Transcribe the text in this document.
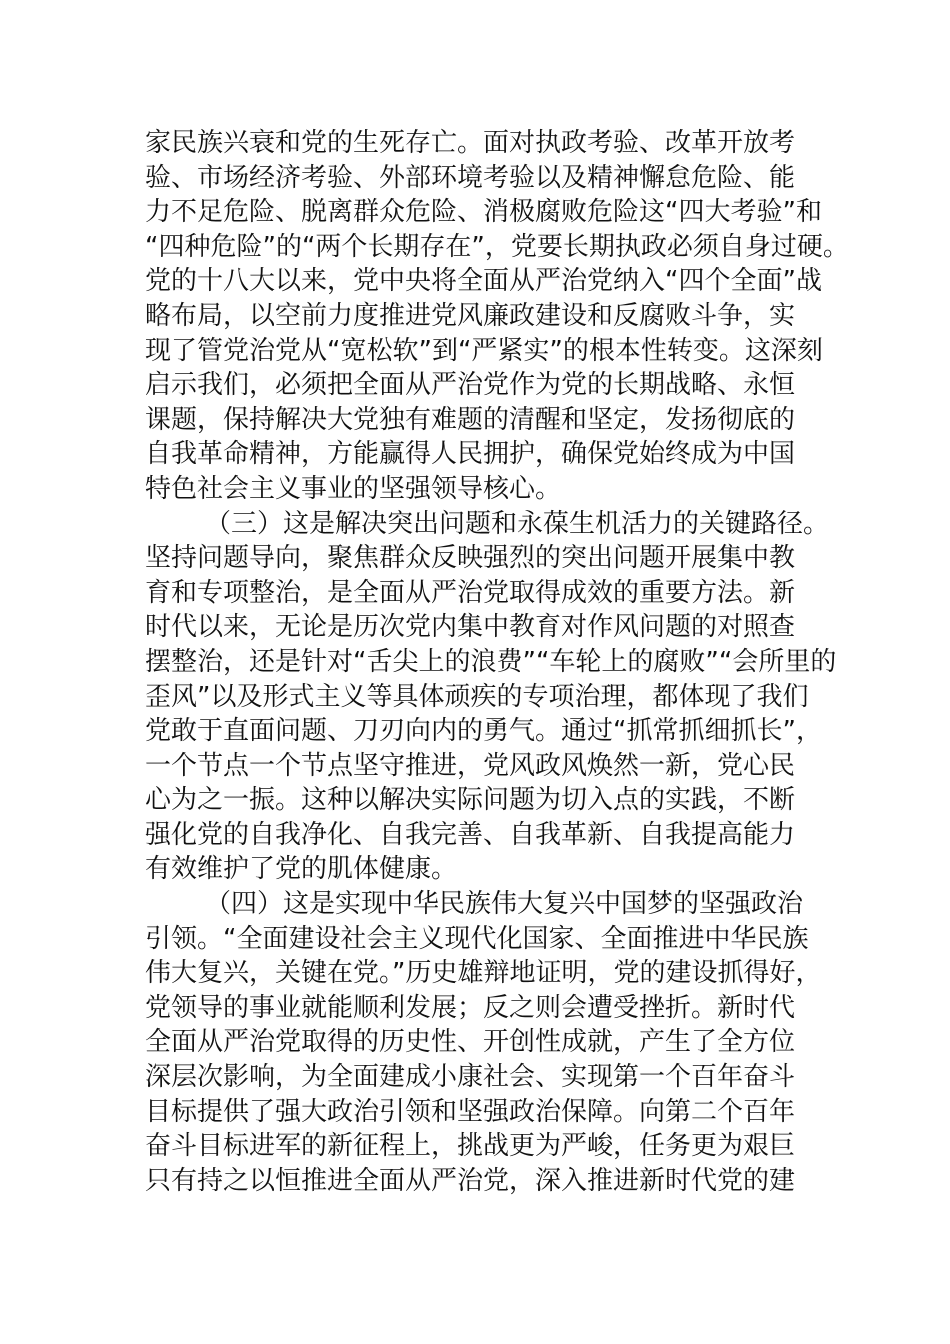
家民族兴衰和党的生死存亡。面对执政考验、改革开放考
验、市场经济考验、外部环境考验以及精神懈怠危险、能
力不足危险、脱离群众危险、消极腐败危险这“四大考验”和
“四种危险”的“两个长期存在”，党要长期执政必须自身过硬。
党的十八大以来，党中央将全面从严治党纳入“四个全面”战
略布局，以空前力度推进党风廉政建设和反腐败斗争，实
现了管党治党从“宽松软”到“严紧实”的根本性转变。这深刻
启示我们，必须把全面从严治党作为党的长期战略、永恒
课题，保持解决大党独有难题的清醒和坚定，发扬彻底的
自我革命精神，方能赢得人民拥护，确保党始终成为中国
特色社会主义事业的坚强领导核心。
（三）这是解决突出问题和永葆生机活力的关键路径。
坚持问题导向，聚焦群众反映强烈的突出问题开展集中教
育和专项整治，是全面从严治党取得成效的重要方法。新
时代以来，无论是历次党内集中教育对作风问题的对照查
摆整治，还是针对“舌尖上的浪费”“车轮上的腐败”“会所里的
歪风”以及形式主义等具体顽疾的专项治理，都体现了我们
党敢于直面问题、刀刃向内的勇气。通过“抓常抓细抓长”，
一个节点一个节点坚守推进，党风政风焕然一新，党心民
心为之一振。这种以解决实际问题为切入点的实践，不断
强化党的自我净化、自我完善、自我革新、自我提高能力
有效维护了党的肌体健康。
（四）这是实现中华民族伟大复兴中国梦的坚强政治
引领。“全面建设社会主义现代化国家、全面推进中华民族
伟大复兴，关键在党。”历史雄辩地证明，党的建设抓得好，
党领导的事业就能顺利发展；反之则会遭受挫折。新时代
全面从严治党取得的历史性、开创性成就，产生了全方位
深层次影响，为全面建成小康社会、实现第一个百年奋斗
目标提供了强大政治引领和坚强政治保障。向第二个百年
奋斗目标进军的新征程上，挑战更为严峻，任务更为艰巨
只有持之以恒推进全面从严治党，深入推进新时代党的建
